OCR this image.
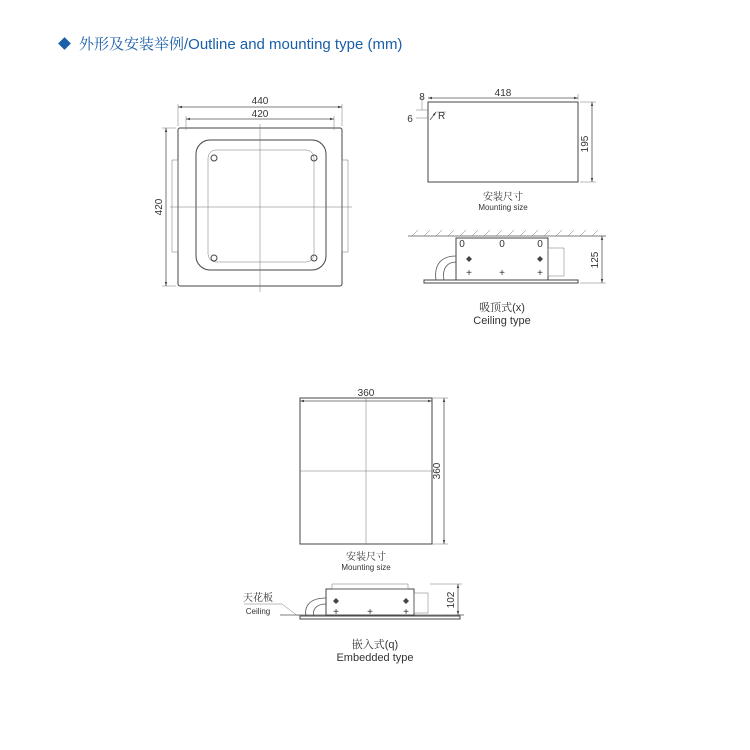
外形及安装举例/Outline and mounting type (mm)
440
420
420
418
8
6	R
195
安装尺寸
Mounting size
0	0	0
+	+	+
125
吸顶式(x)
Ceiling type
360
360
安装尺寸
Mounting size
+	+	+
102
天花板
Ceiling
嵌入式(q)
Embedded type
